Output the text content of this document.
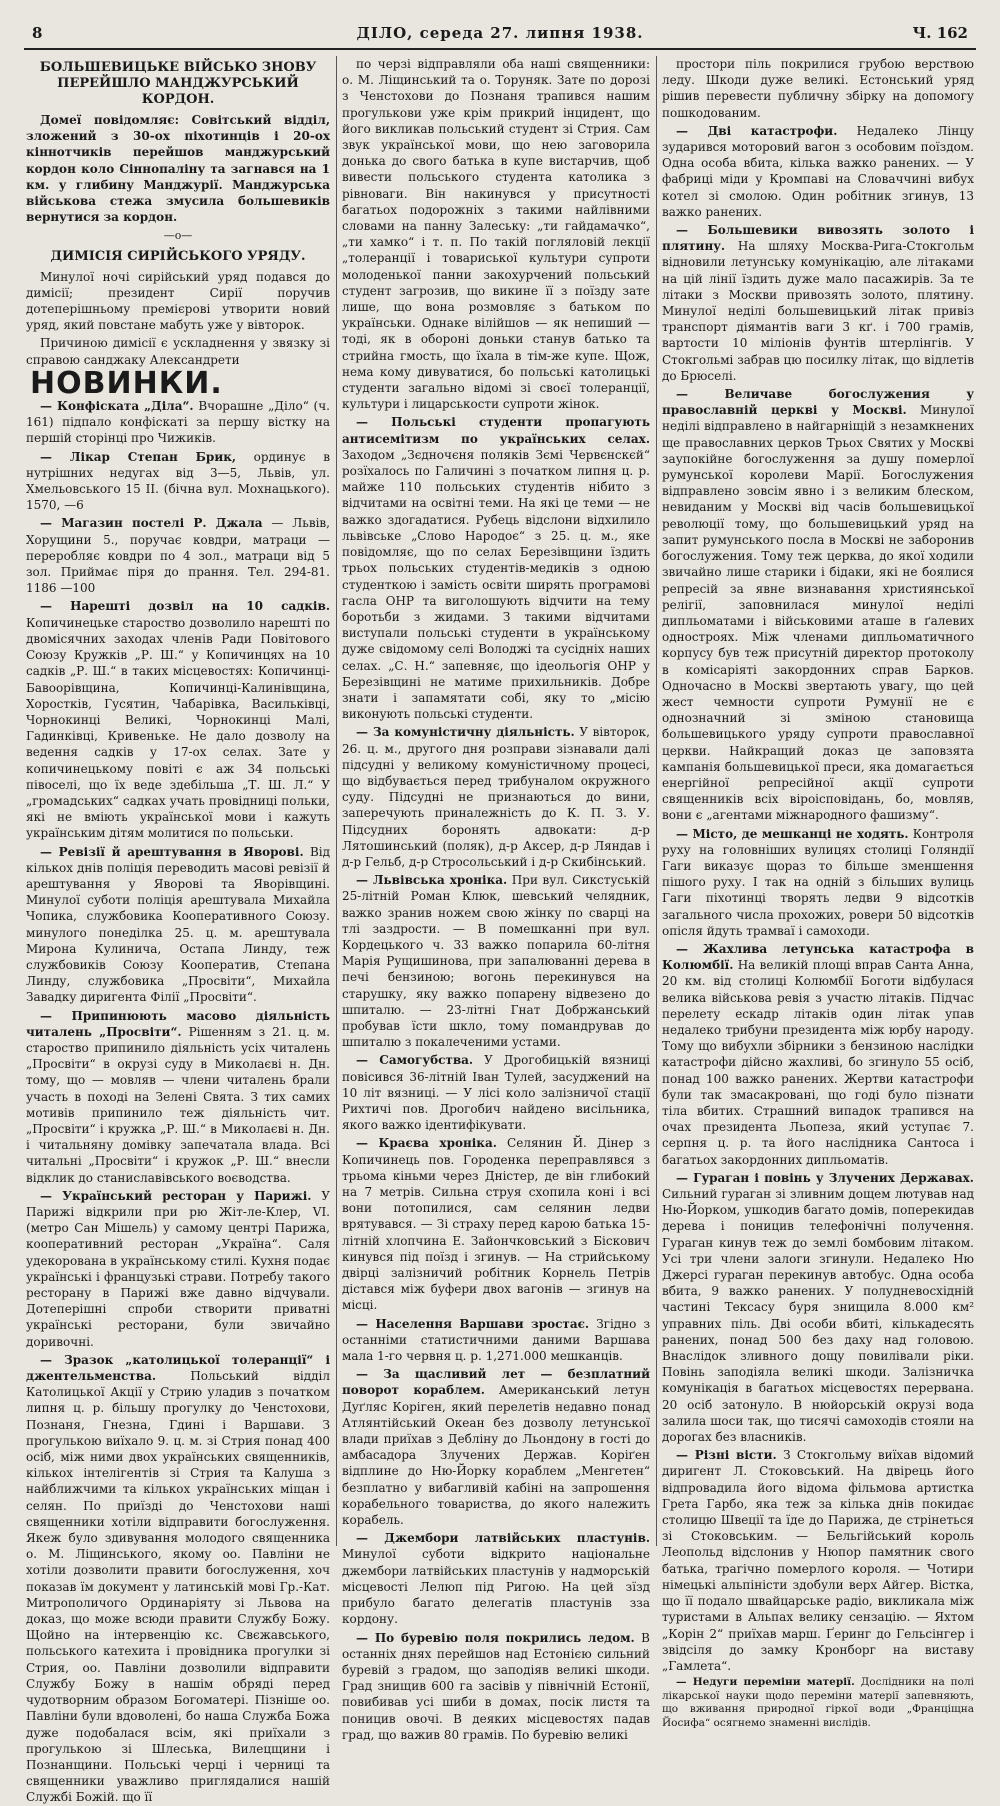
8	ДІЛО, середа 27. липня 1938.	Ч. 162
БОЛЬШЕВИЦЬКЕ ВІЙСЬКО ЗНОВУ ПЕРЕЙШЛО МАНДЖУРСЬКИЙ КОРДОН.

Домеї повідомляє: Совітський відділ, зложений з 30-ох піхотинців і 20-ох кіннотчиків перейшов манджурський кордон коло Сіннопаліну та загнався на 1 км. у глибину Манджурії. Манджурська військова стежа змусила большевиків вернутися за кордон.

—о—
ДИМІСІЯ СИРІЙСЬКОГО УРЯДУ.

Минулої ночі сирійський уряд подався до димісії; президент Сирії поручив дотеперішньому премієрові утворити новий уряд, який повстане мабуть уже у вівторок.

Причиною димісії є ускладнення у звязку зі справою санджаку Александрети

НОВИНКИ.

— Конфіската „Діла“. Вчорашне „Діло“ (ч. 161) підпало конфіскаті за першу вістку на першій сторінці про Чижиків.

— Лікар Степан Брик, ординує в нутрішних недугах від 3—5, Львів, ул. Хмельовського 15 II. (бічна вул. Мохнацького). 1570, —6

— Магазин постелі Р. Джала — Львів, Хорущини 5., поручає ковдри, матраци — переробляє ковдри по 4 зол., матраци від 5 зол. Приймає піря до прання. Тел. 294-81. 1186 —100

— Нарешті дозвіл на 10 садків. Копичинецьке староство дозволило нарешті по двомісячних заходах членів Ради Повітового Союзу Кружків „Р. Ш.“ у Копичинцях на 10 садків „Р. Ш.“ в таких місцевостях: Копичинці-Бавоорівщина, Копичинці-Калинівщина, Хоростків, Гусятин, Чабарівка, Васильківці, Чорнокинці Великі, Чорнокинці Малі, Гадинківці, Кривеньке. Не дало дозволу на ведення садків у 17-ох селах. Зате у копичинецькому повіті є аж 34 польські півоселі, що їх веде здебільша „Т. Ш. Л.“ У „громадських“ садках учать провідниці польки, які не вміють української мови і кажуть українським дітям молитися по польськи.

— Ревізії й арештування в Яворові. Від кількох днів поліція переводить масові ревізії й арештування у Яворові та Яворівщині. Минулої суботи поліція арештувала Михайла Чопика, службовика Кооперативного Союзу. минулого понеділка 25. ц. м. арештувала Мирона Кулинича, Остапа Линду, теж службовиків Союзу Кооператив, Степана Линду, службовика „Просвіти“, Михайла Завадку диригента Філії „Просвіти“.

— Припинюють масово діяльність читалень „Просвіти“. Рішенням з 21. ц. м. староство припинило діяльність усіх читалень „Просвіти“ в окрузі суду в Миколаєві н. Дн. тому, що — мовляв — члени читалень брали участь в поході на Зелені Свята. З тих самих мотивів припинило теж діяльність чит. „Просвіти“ і кружка „Р. Ш.“ в Миколаєві н. Дн. і читальняну домівку запечатала влада. Всі читальні „Просвіти“ і кружок „Р. Ш.“ внесли відклик до станиславівського воєводства.

— Український ресторан у Парижі. У Парижі відкрили при рю Жіт-ле-Клер, VI. (метро Сан Мішель) у самому центрі Парижа, кооперативний ресторан „Україна“. Саля удекорована в українському стилі. Кухня подає українські і французькі страви. Потребу такого ресторану в Парижі вже давно відчували. Дотеперішні спроби створити приватні українські ресторани, були звичайно доривочні.

— Зразок „католицької толеранції“ і джентельменства.	Польський відділ Католицької Акції у Стрию уладив з початком липня ц. р. більшу прогулку до Ченстохови, Познаня, Гнезна, Гдині і Варшави. З прогулькою виїхало 9. ц. м. зі Стрия понад 400 осіб, між ними двох українських священників, кількох інтелігентів зі Стрия та Калуша з найближчими та кількох українських міщан і селян. По приїзді до Ченстохови наші священники хотіли відправити богослуження. Якеж було здивування молодого священника о. М. Ліщинського, якому оо. Павліни не хотіли дозволити правити богослуження, хоч показав їм документ у латинській мові Гр.-Кат. Митрополичого Ординаріяту зі Львова на доказ, що може всюди правити Службу Божу. Щойно на інтервенцію кс. Свєжавського, польського катехита і провідника прогулки зі Стрия, оо. Павліни дозволили відправити Службу Божу в нашім обряді перед чудотворним образом Богоматері. Пізніше оо. Павліни були вдоволені, бо наша Служба Божа дуже подобалася всім, які приїхали з прогулькою зі Шлеська, Вилецщини і Познанщини. Польські черці і черниці та священники уважливо приглядалися нашій Службі Божій. що її

по черзі відправляли оба наші священники: о. М. Ліщинський та о. Торуняк. Зате по дорозі з Ченстохови до Познаня трапився нашим прогулькови уже крім прикрий інцидент, що його викликав польський студент зі Стрия. Сам звук української мови, що нею заговорила донька до свого батька в купе вистарчив, щоб вивести польського студента католика з рівноваги. Він накинувся у присутності багатьох подорожніх з такими найлівними словами на панну Залеську: „ти гайдамачко“, „ти хамко“ і т. п. По такій погляловій лекції „толеранції і товариської культури супроти молоденької панни закохурчений польський студент загрозив, що викине її з поїзду зате лише, що вона розмовляє з батьком по українськи. Однаке вілійшов — як непиший — тоді, як в обороні доньки станув батько та стрийна гмость, що їхала в тім-же купе. Щож, нема кому дивуватися, бо польські католицькі студенти загально відомі зі своєї толеранції, культури і лицарськости супроти жінок.

— Польські студенти пропагують антисемітизм по українських селах. Заходом „Зєдночєня поляків Зємі Червєнскєй“ розїхалось по Галичині з початком липня ц. р. майже 110 польських студентів нібито з відчитами на освітні теми. На які це теми — не важко здогадатися. Рубець відслони відхилило львівське „Слово Народоє“ з 25. ц. м., яке повідомляє, що по селах Березівщини їздить трьох польських студентів-медиків з одною студенткою і замість освіти ширять програмові гасла ОНР та виголошують відчити на тему боротьби з жидами. З такими відчитами виступали польські студенти в українському дуже свідомому селі Володжі та сусідніх наших селах. „С. Н.“ запевняє, що ідеольогія ОНР у Березівщині не матиме прихильників. Добре знати і запамятати собі, яку то „місію виконують польські студенти.

— За комуністичну діяльність. У вівторок, 26. ц. м., другого дня розправи зізнавали далі підсудні у великому комуністичному процесі, що відбувається перед трибуналом окружного суду. Підсудні не признаються до вини, заперечують приналежність до К. П. З. У. Підсудних боронять адвокати: д-р Лятошинський (поляк), д-р Аксер, д-р Ляндав і д-р Гельб, д-р Стросольський і д-р Скибінський.

— Львівська хроніка. При вул. Сикстуській 25-літній Роман Клюк, шевський челядник, важко зранив ножем свою жінку по сварці на тлі заздрости. — В помешканні при вул. Кордецького ч. 33 важко попарила 60-літня Марія Рущишинова, при запалюванні дерева в печі бензиною; вогонь перекинувся на старушку, яку важко попарену відвезено до шпиталю. — 23-літні Гнат Добржанський пробував їсти шкло, тому помандрував до шпиталю з покалеченими устами.

— Самогубства. У Дрогобицькій вязниці повісився 36-літній Іван Тулей, засуджений на 10 літ вязниці. — У лісі коло залізничої стації Рихтичі пов. Дрогобич найдено висільника, якого важко ідентифікувати.

— Краєва хроніка. Селянин Й. Дінер з Копичинець пов. Городенка переправлявся з трьома кіньми через Дністер, де він глибокий на 7 метрів. Сильна струя схопила коні і всі вони потопилися, сам селянин ледви врятувався. — Зі страху перед карою батька 15-літній хлопчина Е. Зайончковський з Біскович кинувся під поїзд і згинув. — На стрийському двірці залізничий робітник Корнель Петрів дістався між буфери двох вагонів — згинув на місці.

— Населення Варшави зростає. Згідно з останніми статистичними даними Варшава мала 1-го червня ц. р. 1,271.000 мешканців.

— За щасливий лет — безплатний поворот кораблем. Американський летун Дуґляс Коріген, який перелетів недавно понад Атлянтійський Океан без дозволу летунської влади приїхав з Дебліну до Льондону в гості до амбасадора Злучених Держав. Коріґен відплине до Ню-Йорку кораблем „Менгетен“ безплатно у вибагливій кабіні на запрошення корабельного товариства, до якого належить корабель.

— Джембори латвійських пластунів. Минулої суботи відкрито національне джембори латвійських пластунів у надморській місцевості Лелюп під Ригою. На цей зїзд прибуло багато делегатів пластунів зза кордону.

— По буревію поля покрились ледом. В останніх днях перейшов над Естонією сильний буревій з градом, що заподіяв великі шкоди. Град знищив 600 га засівів у північній Естонії, повибивав усі шиби в домах, посік листя та поницив овочі. В деяких місцевостях падав град, що важив 80 грамів. По буревію великі

простори піль покрилися грубою верствою леду. Шкоди дуже великі. Естонський уряд рішив перевести публичну збірку на допомогу пошкодованим.

— Дві катастрофи. Недалеко Лінцу зударився моторовий вагон з особовим поїздом. Одна особа вбита, кілька важко ранених. — У фабриці міди у Кромпаві на Словаччині вибух котел зі смолою. Один робітник згинув, 13 важко ранених.

— Большевики вивозять золото і плятину. На шляху Москва-Рига-Стокгольм відновили летунську комунікацію, але літаками на цій лінії їздить дуже мало пасажирів. За те літаки з Москви привозять золото, плятину. Минулої неділі большевицький літак привіз транспорт діямантів ваги 3 кґ. і 700 грамів, вартости 10 міліонів фунтів штерлінгів. У Стокгольмі забрав цю посилку літак, що відлетів до Брюселі.

— Величаве богослужения у православній церкві у Москві. Минулої неділі відправлено в найгарніщій з незамкнених ще православних церков Трьох Святих у Москві заупокійне богослуження за душу померлої румунської королеви Марії. Богослужения відправлено зовсім явно і з великим блеском, невиданим у Москві від часів большевицької революції тому, що большевицький уряд на запит румунського посла в Москві не заборонив богослужения. Тому теж церква, до якої ходили звичайно лише старики і бідаки, які не боялися репресій за явне визнавання християнської релігії, заповнилася минулої неділі дипльоматами і військовими аташе в ґалевих одностроях. Між членами дипльоматичного корпусу був теж присутній директор протоколу в комісаріяті закордонних справ Барков. Одночасно в Москві звертають увагу, що цей жест чемности супроти Румунії не є однозначний зі зміною становища большевицького уряду супроти православної церкви. Найкращий доказ це заповзята кампанія большевицької преси, яка домагається енергійної репресійної акції супроти священників всіх віроісповідань, бо, мовляв, вони є „агентами міжнародного фашизму“.

— Місто, де мешканці не ходять. Контроля руху на головніших вулицях столиці Голяндії Гаги виказує щораз то більше зменшення пішого руху. І так на одній з більших вулиць Гаги піхотинці творять ледви 9 відсотків загального числа прохожих, ровери 50 відсотків опісля йдуть трамваї і самоходи.

— Жахлива летунська катастрофа в Колюмбії. На великій площі вправ Санта Анна, 20 км. від столиці Колюмбії Боготи відбулася велика військова ревія з участю літаків. Підчас перелету ескадр літаків один літак упав недалеко трибуни президента між юрбу народу. Тому що вибухли збірники з бензиною наслідки катастрофи дійсно жахливі, бо згинуло 55 осіб, понад 100 важко ранених. Жертви катастрофи були так змасакровані, що годі було пізнати тіла вбитих. Страшний випадок трапився на очах президента Льопеза, який уступає 7. серпня ц. р. та його наслідника Сантоса і багатьох закордонних дипльоматів.

— Гураган і повінь у Злучених Державах. Сильний гураган зі зливним дощем лютував над Ню-Йорком, ушкодив багато домів, поперекидав дерева і поницив телефонічні получення. Гураган кинув теж до землі бомбовим літаком. Усі три члени залоги згинули. Недалеко Ню Джерсі гураган перекинув автобус. Одна особа вбита, 9 важко ранених. У полудневосхідній частині Тексасу буря знищила 8.000 км² управних піль. Дві особи вбиті, кількадесять ранених, понад 500 без даху над головою. Внаслідок зливного дощу повилівали ріки. Повінь заподіяла великі шкоди. Залізничка комунікація в багатьох місцевостях перервана. 20 осіб затонуло. В нюйорській окрузі вода залила шоси так, що тисячі самоходів стояли на дорогах без власників.

— Різні вісти. З Стокгольму виїхав відомий диригент Л. Стоковський. На двірець його відпровадила його відома фільмова артистка Грета Гарбо, яка теж за кілька днів покидає столицю Швеції та їде до Парижа, де стрінеться зі Стоковським. — Бельгійський король Леопольд відслонив у Нюпор памятник свого батька, трагічно померлого короля. — Чотири німецькі альпіністи здобули верх Айгер. Вістка, що її подало швайцарське радіо, викликала між туристами в Альпах велику сензацію. — Яхтом „Корін 2“ приїхав марш. Ґеринг до Гельсінгер і звідсіля до замку Кронборг на виставу „Гамлета“.

— Недуги переміни матерії. Дослідники на полі лікарської науки щодо переміни матерії запевняють, що вживання природної гіркої води „Франціщна Йосифа“ осягнемо знаменні вислідів.
